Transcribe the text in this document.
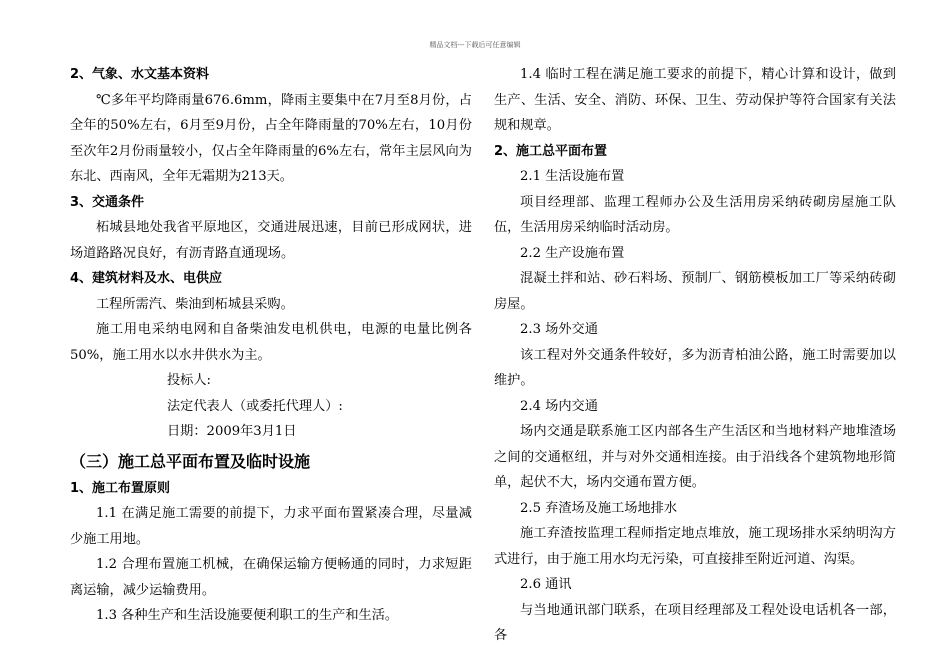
精品文档---下载后可任意编辑
2、气象、水文基本资料

℃多年平均降雨量676.6mm，降雨主要集中在7月至8月份，占全年的50%左右，6月至9月份，占全年降雨量的70%左右，10月份至次年2月份雨量较小，仅占全年降雨量的6%左右，常年主层风向为东北、西南风，全年无霜期为213天。

3、交通条件

柘城县地处我省平原地区，交通进展迅速，目前已形成网状，进场道路路况良好，有沥青路直通现场。

4、建筑材料及水、电供应

工程所需汽、柴油到柘城县采购。

施工用电采纳电网和自备柴油发电机供电，电源的电量比例各50%，施工用水以水井供水为主。

投标人:
法定代表人（或委托代理人）:
日期：2009年3月1日
（三）施工总平面布置及临时设施
1、施工布置原则

1.1 在满足施工需要的前提下，力求平面布置紧凑合理，尽量减少施工用地。

1.2 合理布置施工机械，在确保运输方便畅通的同时，力求短距离运输，减少运输费用。

1.3 各种生产和生活设施要便利职工的生产和生活。

1.4 临时工程在满足施工要求的前提下，精心计算和设计，做到生产、生活、安全、消防、环保、卫生、劳动保护等符合国家有关法规和规章。

2、施工总平面布置
2.1 生活设施布置

项目经理部、监理工程师办公及生活用房采纳砖砌房屋施工队伍，生活用房采纳临时活动房。

2.2 生产设施布置

混凝土拌和站、砂石料场、预制厂、钢筋模板加工厂等采纳砖砌房屋。

2.3 场外交通

该工程对外交通条件较好，多为沥青柏油公路，施工时需要加以维护。

2.4 场内交通

场内交通是联系施工区内部各生产生活区和当地材料产地堆渣场之间的交通枢纽，并与对外交通相连接。由于沿线各个建筑物地形简单，起伏不大，场内交通布置方便。

2.5 弃渣场及施工场地排水

施工弃渣按监理工程师指定地点堆放，施工现场排水采纳明沟方式进行，由于施工用水均无污染，可直接排至附近河道、沟渠。

2.6 通讯

与当地通讯部门联系，在项目经理部及工程处设电话机各一部，各
